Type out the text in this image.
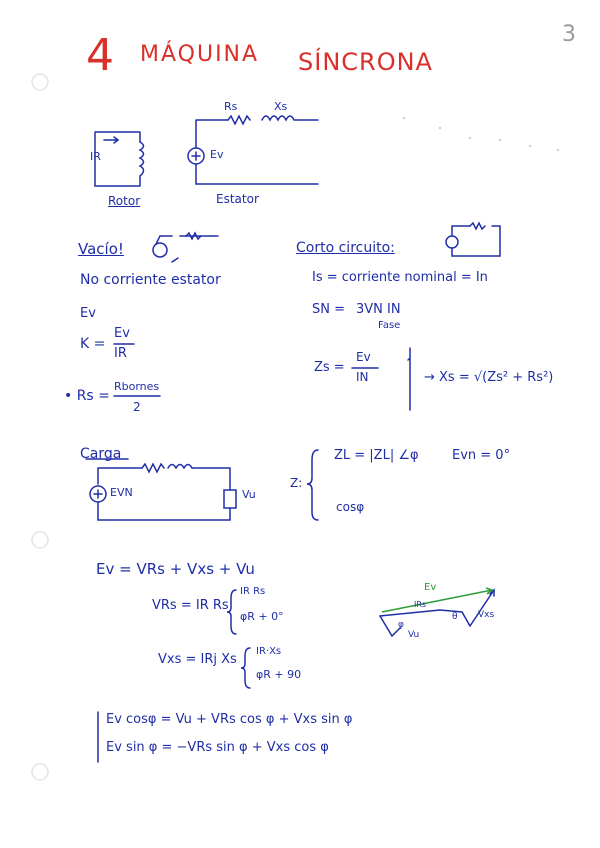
3
4 MÁQUINA SÍNCRONA
Rs	Xs
IR	Ev
Rotor	Estator
Vacío!
No corriente estator
Ev
K =
Ev
IR
• Rs =
Rbornes
2
Corto circuito:
Is = corriente nominal = In
SN = 3VN IN
Fase
Zs =
Ev
IN	→ Xs = √(Zs² + Rs²)
Carga
EVN	Vu
Z:
ZL = |ZL| ∠φ	Evn = 0°
cosφ
Ev = VRs + Vxs + Vu
VRs = IR Rs
IR Rs
φR + 0°
Vxs = IRj Xs
IR·Xs
φR + 90
Ev
IRs
φ
θ Vxs
Vu
Ev cosφ = Vu + VRs cos φ + Vxs sin φ
Ev sin φ = −VRs sin φ + Vxs cos φ
